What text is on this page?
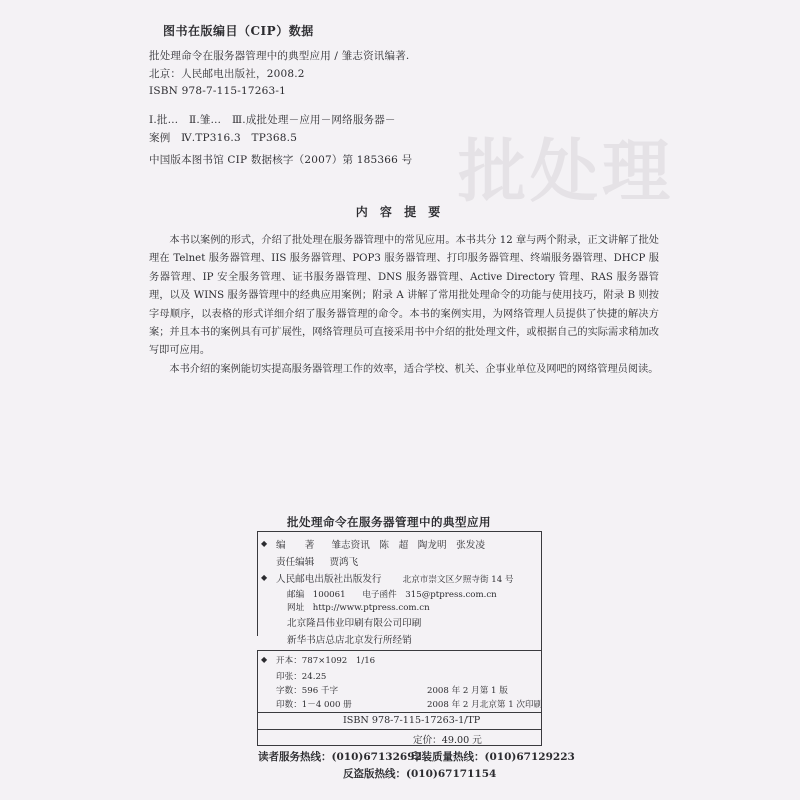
图书在版编目（CIP）数据
批处理命令在服务器管理中的典型应用 / 雏志资讯编著.
北京：人民邮电出版社，2008.2
ISBN 978-7-115-17263-1
Ⅰ.批…　Ⅱ.雏…　Ⅲ.成批处理－应用－网络服务器－
案例　Ⅳ.TP316.3　TP368.5
中国版本图书馆 CIP 数据核字（2007）第 185366 号 批处理
内 容 提 要

本书以案例的形式，介绍了批处理在服务器管理中的常见应用。本书共分 12 章与两个附录，正文讲解了批处理在 Telnet 服务器管理、IIS 服务器管理、POP3 服务器管理、打印服务器管理、终端服务器管理、DHCP 服务器管理、IP 安全服务管理、证书服务器管理、DNS 服务器管理、Active Directory 管理、RAS 服务器管理，以及 WINS 服务器管理中的经典应用案例；附录 A 讲解了常用批处理命令的功能与使用技巧，附录 B 则按字母顺序，以表格的形式详细介绍了服务器管理的命令。本书的案例实用，为网络管理人员提供了快捷的解决方案；并且本书的案例具有可扩展性，网络管理员可直接采用书中介绍的批处理文件，或根据自己的实际需求稍加改写即可应用。

本书介绍的案例能切实提高服务器管理工作的效率，适合学校、机关、企事业单位及网吧的网络管理员阅读。

批处理命令在服务器管理中的典型应用
◆ 编　　著 雏志资讯　陈　超　陶龙明　张发凌
责任编辑 贾鸿飞
◆ 人民邮电出版社出版发行 北京市崇文区夕照寺街 14 号
邮编　100061 电子函件　315@ptpress.com.cn
网址　http://www.ptpress.com.cn
北京隆昌伟业印刷有限公司印刷
新华书店总店北京发行所经销
◆ 开本：787×1092　1/16
印张：24.25
字数：596 千字	2008 年 2 月第 1 版
印数：1－4 000 册	2008 年 2 月北京第 1 次印刷
ISBN 978-7-115-17263-1/TP
定价：49.00 元
读者服务热线：(010)67132692
印装质量热线：(010)67129223
反盗版热线：(010)67171154
